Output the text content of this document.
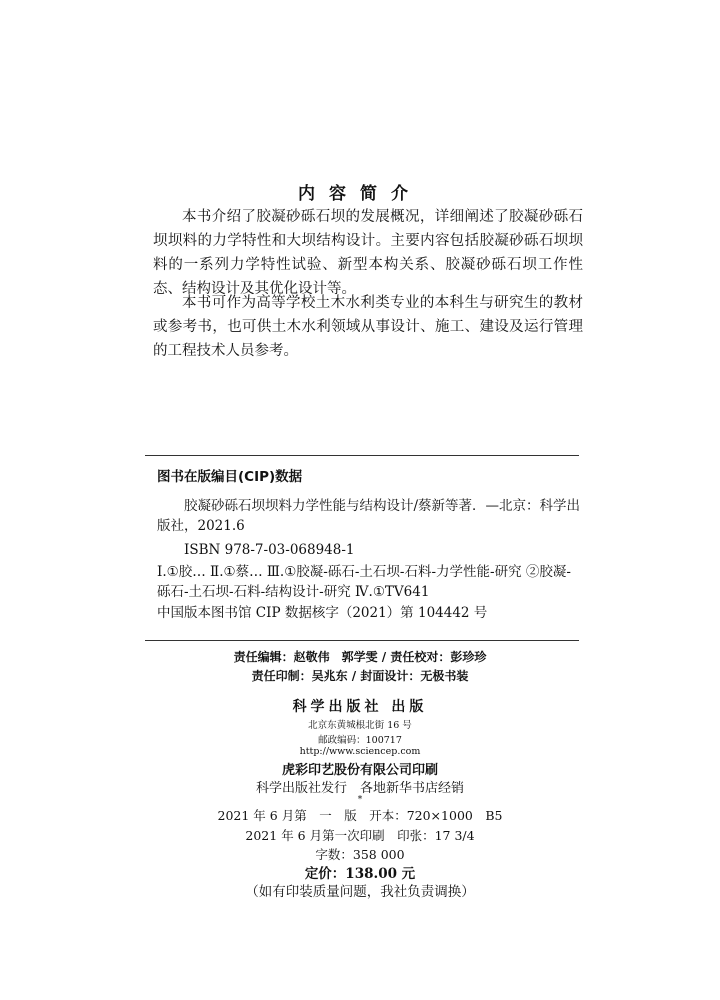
内容简介
本书介绍了胶凝砂砾石坝的发展概况，详细阐述了胶凝砂砾石坝坝料的力学特性和大坝结构设计。主要内容包括胶凝砂砾石坝坝料的一系列力学特性试验、新型本构关系、胶凝砂砾石坝工作性态、结构设计及其优化设计等。
本书可作为高等学校土木水利类专业的本科生与研究生的教材或参考书，也可供土木水利领域从事设计、施工、建设及运行管理的工程技术人员参考。
图书在版编目(CIP)数据
胶凝砂砾石坝坝料力学性能与结构设计/蔡新等著．—北京：科学出版社，2021.6
ISBN 978-7-03-068948-1
Ⅰ.①胶… Ⅱ.①蔡… Ⅲ.①胶凝-砾石-土石坝-石料-力学性能-研究 ②胶凝-砾石-土石坝-石料-结构设计-研究 Ⅳ.①TV641
中国版本图书馆 CIP 数据核字（2021）第 104442 号
责任编辑：赵敬伟　郭学雯 / 责任校对：彭珍珍
责任印制：吴兆东 / 封面设计：无极书装
科学出版社 出版
北京东黄城根北街 16 号
邮政编码：100717
http://www.sciencep.com
虎彩印艺股份有限公司印刷
科学出版社发行　各地新华书店经销
*
2021 年 6 月第　一　版　开本：720×1000　B5
2021 年 6 月第一次印刷　印张：17 3/4
字数：358 000
定价：138.00 元
（如有印装质量问题，我社负责调换）
